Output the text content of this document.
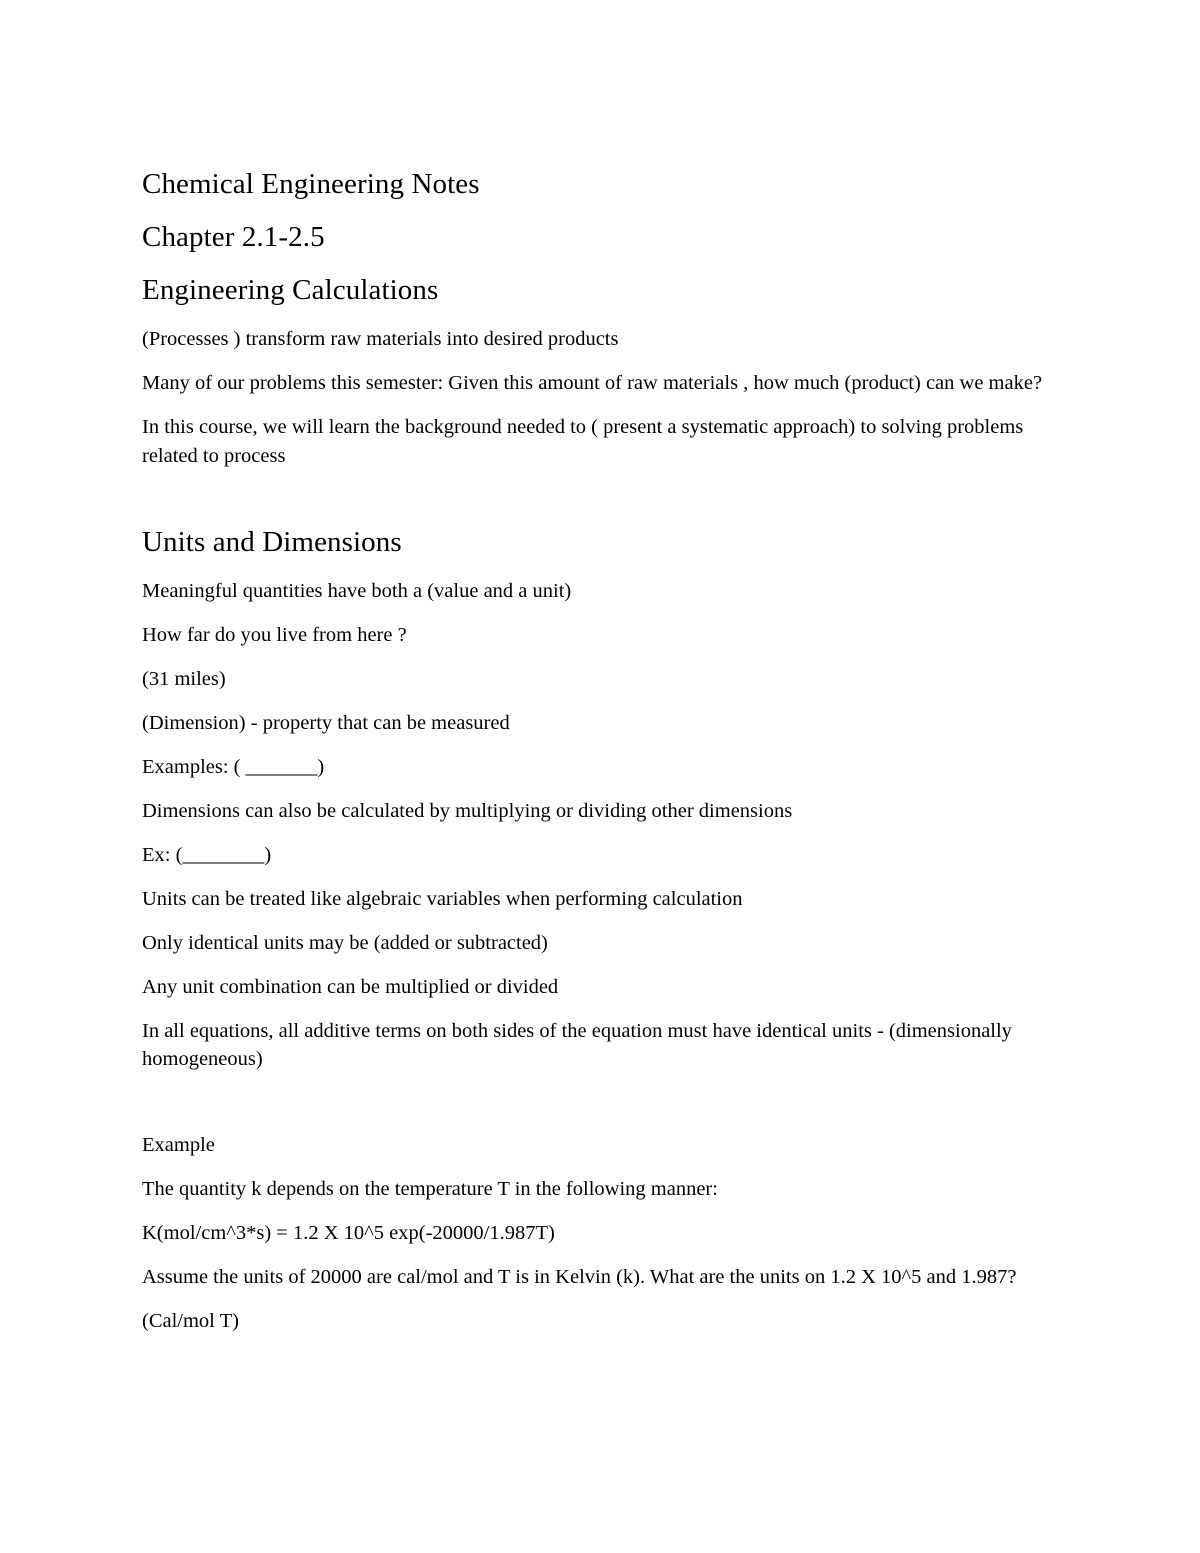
Chemical Engineering Notes
Chapter 2.1-2.5
Engineering Calculations
(Processes ) transform raw materials into desired products
Many of our problems this semester: Given this amount of raw materials , how much (product) can we make?
In this course, we will learn the background needed to ( present a systematic approach) to solving problems related to process
Units and Dimensions
Meaningful quantities have both a (value and a unit)
How far do you live from here ?
(31 miles)
(Dimension) - property that can be measured
Examples: ( _______)
Dimensions can also be calculated by multiplying or dividing other dimensions
Ex: (________)
Units can be treated like algebraic variables when performing calculation
Only identical units may be (added or subtracted)
Any unit combination can be multiplied or divided
In all equations, all additive terms on both sides of the equation must have identical units - (dimensionally homogeneous)
Example
The quantity k depends on the temperature T in the following manner:
K(mol/cm^3*s) = 1.2 X 10^5 exp(-20000/1.987T)
Assume the units of 20000 are cal/mol and T is in Kelvin (k). What are the units on 1.2 X 10^5 and 1.987?
(Cal/mol T)
